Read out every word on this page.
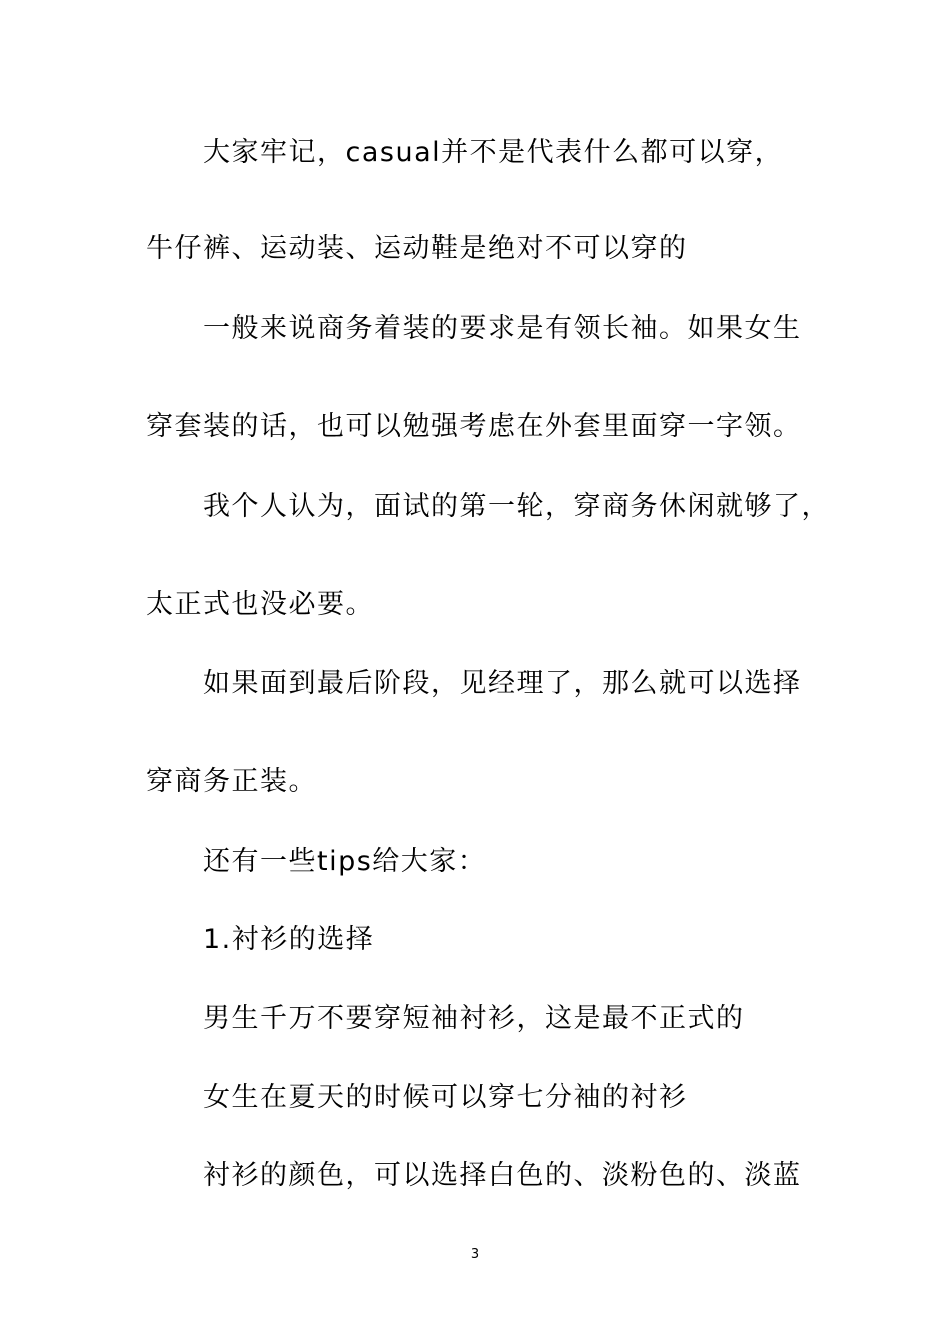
大家牢记，casual并不是代表什么都可以穿，
牛仔裤、运动装、运动鞋是绝对不可以穿的
一般来说商务着装的要求是有领长袖。如果女生
穿套装的话，也可以勉强考虑在外套里面穿一字领。
我个人认为，面试的第一轮，穿商务休闲就够了，
太正式也没必要。
如果面到最后阶段，见经理了，那么就可以选择
穿商务正装。
还有一些tips给大家：
1.衬衫的选择
男生千万不要穿短袖衬衫，这是最不正式的
女生在夏天的时候可以穿七分袖的衬衫
衬衫的颜色，可以选择白色的、淡粉色的、淡蓝
3
